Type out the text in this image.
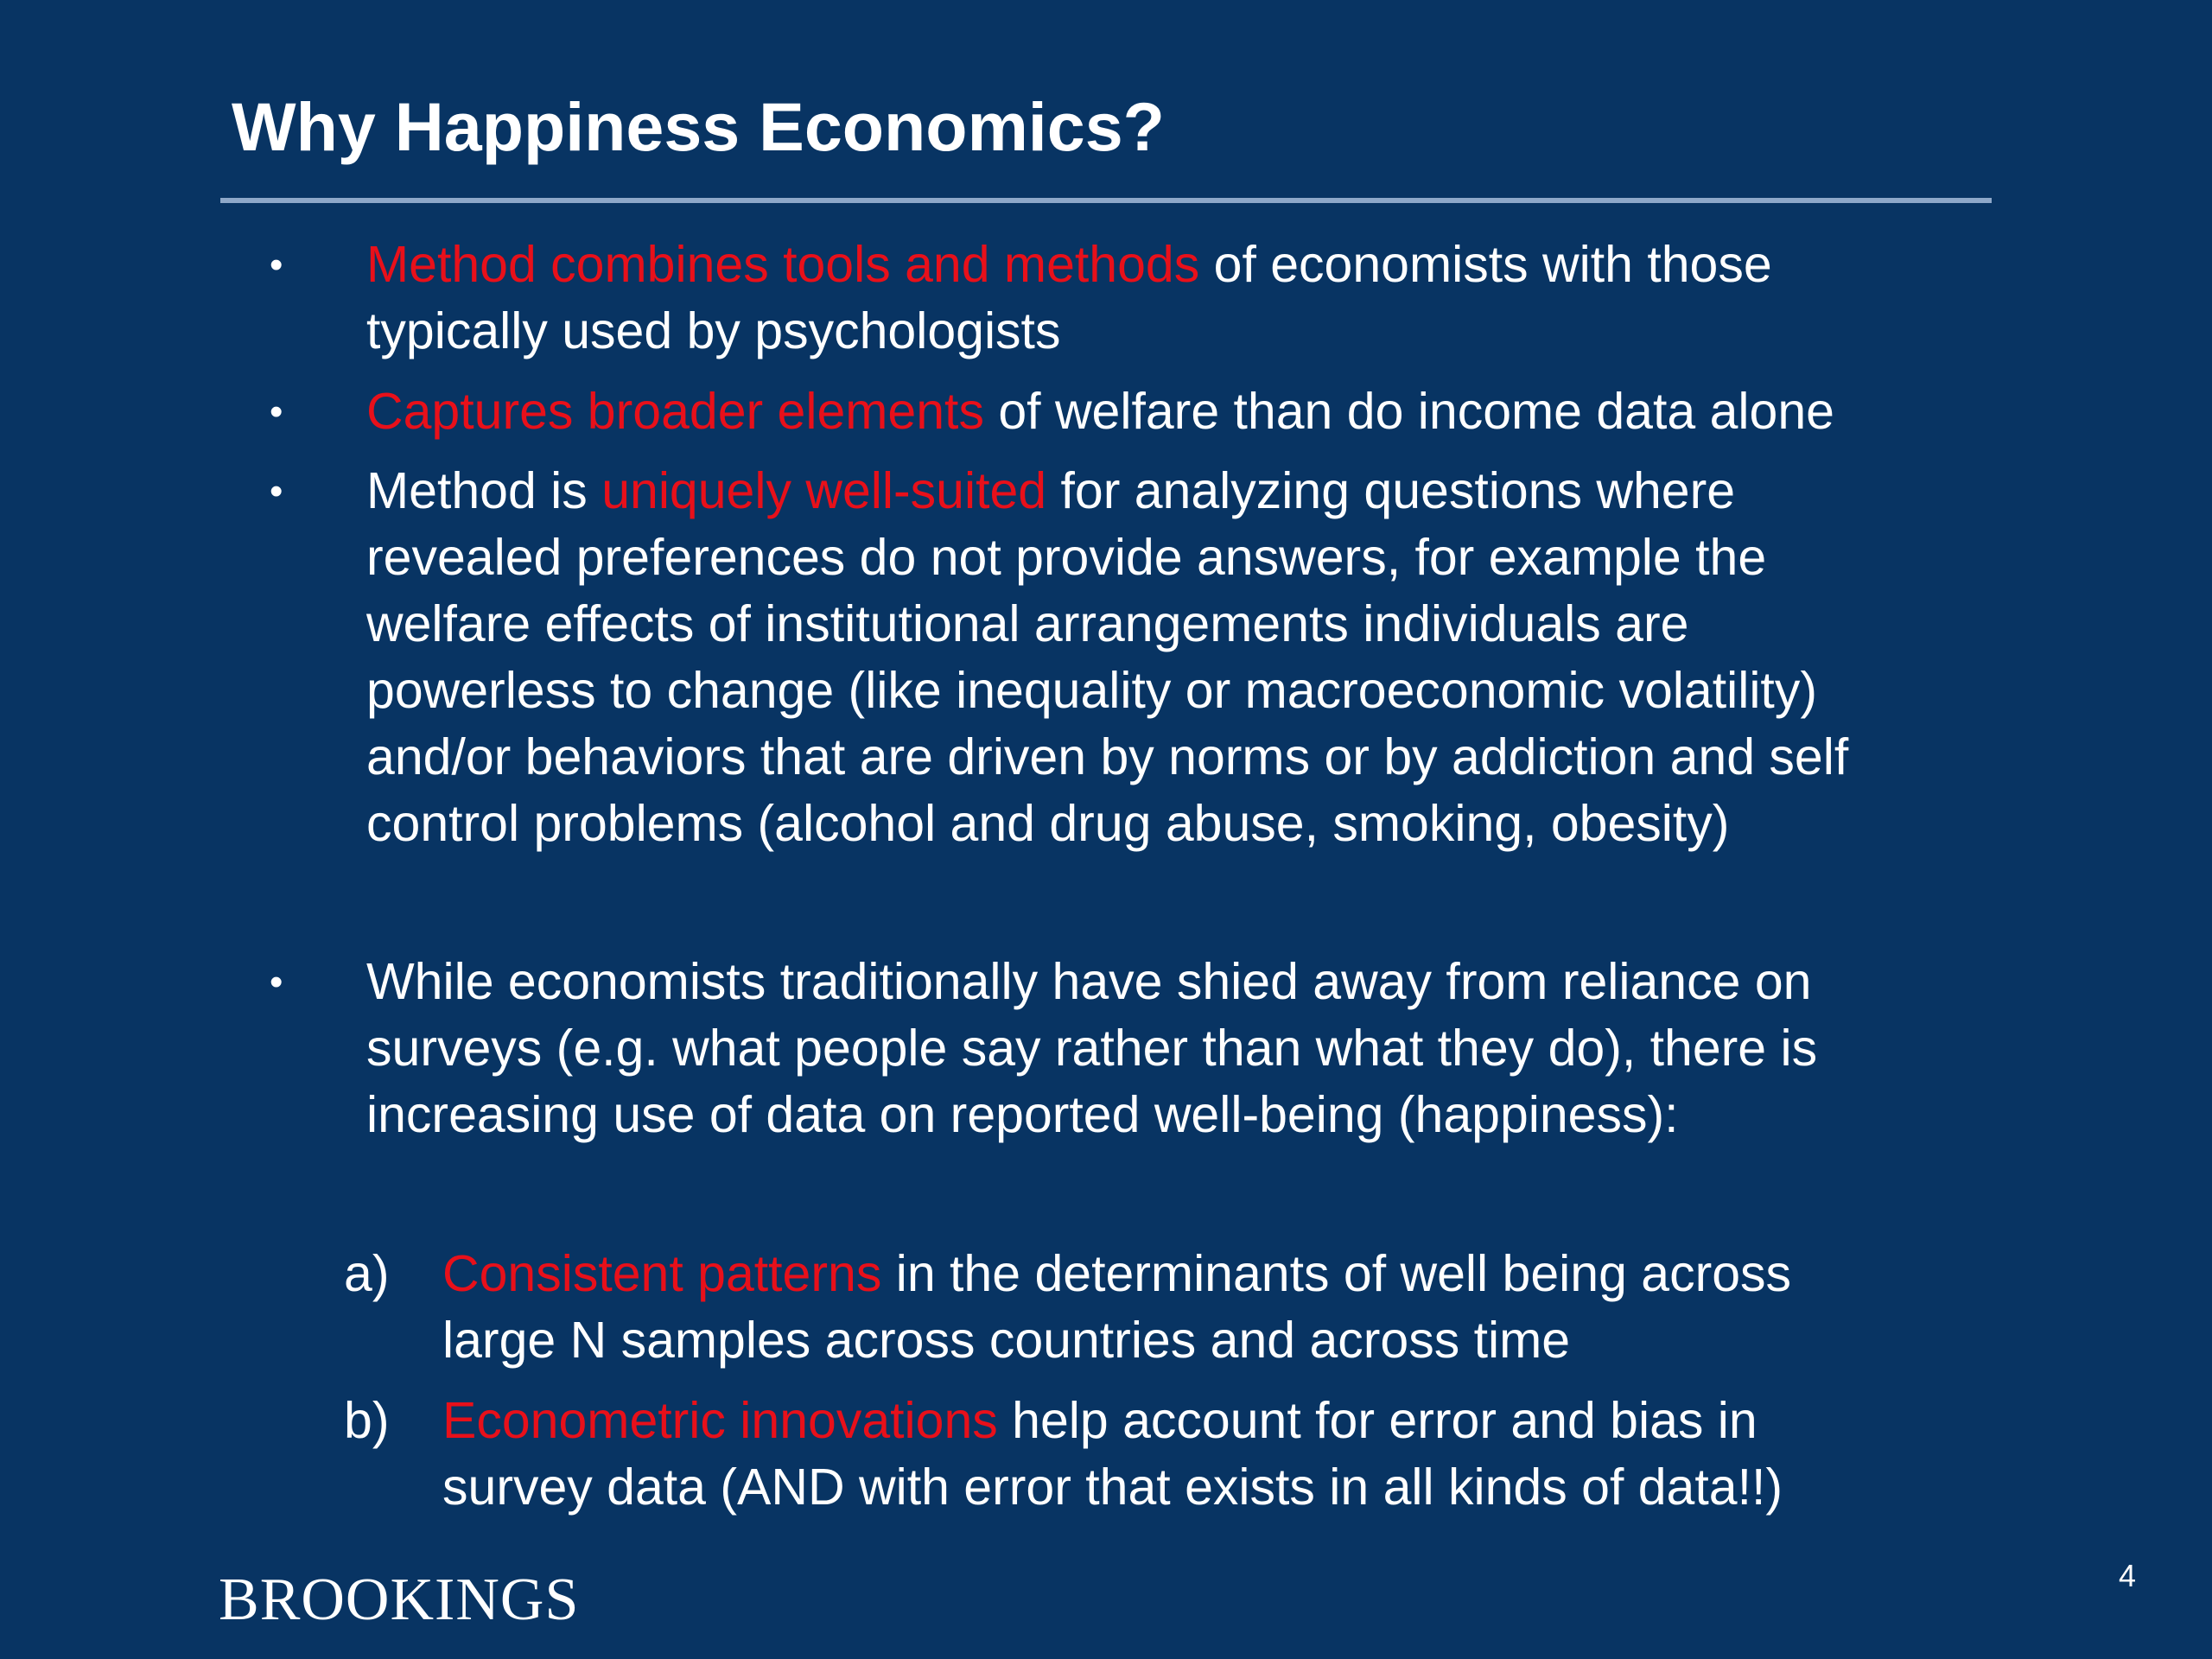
Why Happiness Economics?
• Method combines tools and methods of economists with those
typically used by psychologists
• Captures broader elements of welfare than do income data alone
• Method is uniquely well-suited for analyzing questions where
revealed preferences do not provide answers, for example the
welfare effects of institutional arrangements individuals are
powerless to change (like inequality or macroeconomic volatility)
and/or behaviors that are driven by norms or by addiction and self
control problems (alcohol and drug abuse, smoking, obesity)
• While economists traditionally have shied away from reliance on
surveys (e.g. what people say rather than what they do), there is
increasing use of data on reported well-being (happiness):
a) Consistent patterns in the determinants of well being across
large N samples across countries and across time
b) Econometric innovations help account for error and bias in
survey data (AND with error that exists in all kinds of data!!)
BROOKINGS	4
